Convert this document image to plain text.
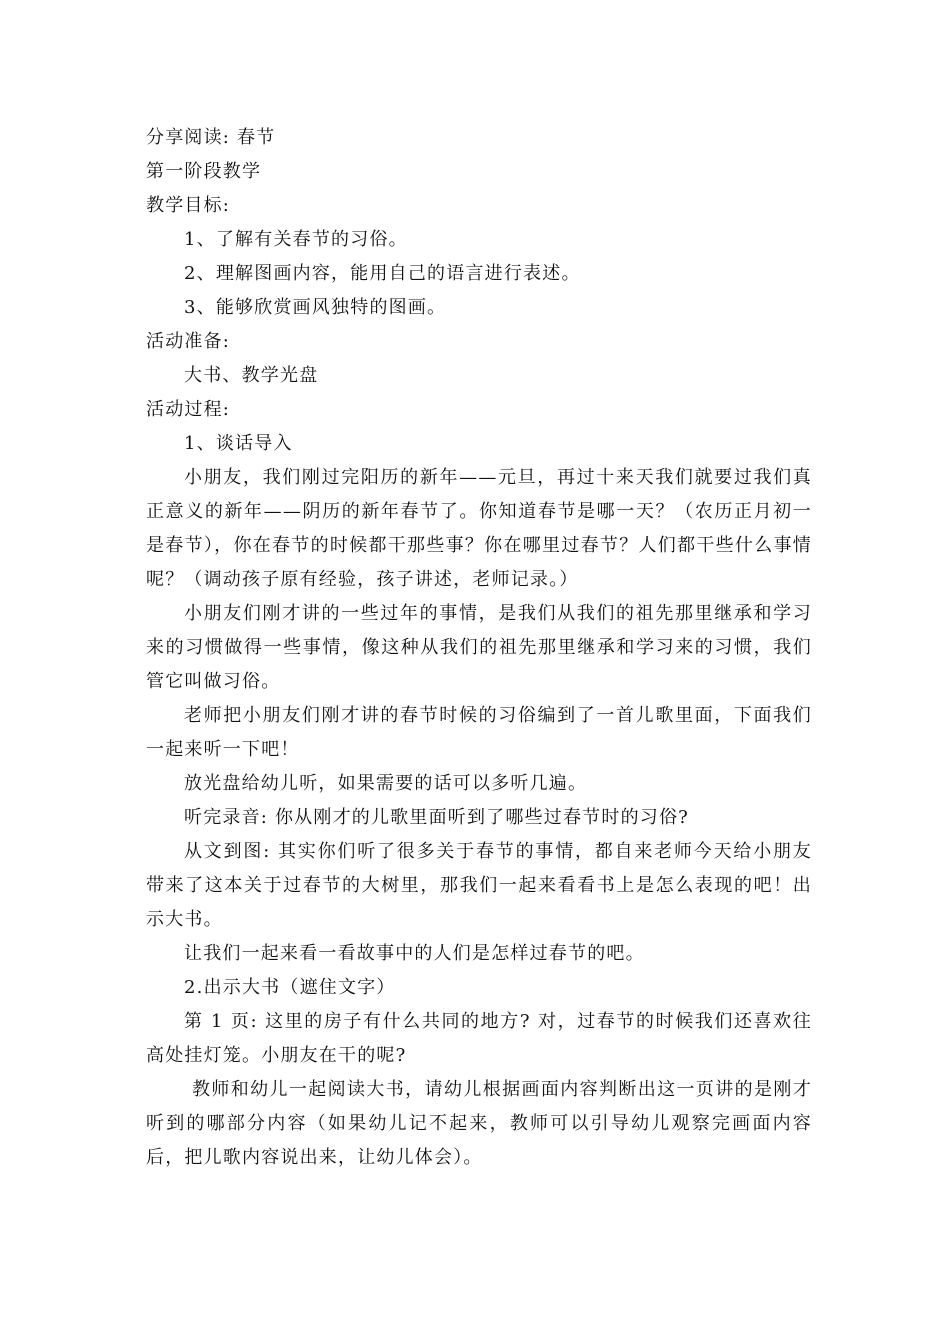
分享阅读: 春节

第一阶段教学

教学目标:

1、了解有关春节的习俗。

2、理解图画内容，能用自己的语言进行表述。

3、能够欣赏画风独特的图画。

活动准备:

大书、教学光盘

活动过程:

1、谈话导入

小朋友，我们刚过完阳历的新年——元旦，再过十来天我们就要过我们真正意义的新年——阴历的新年春节了。你知道春节是哪一天？（农历正月初一是春节），你在春节的时候都干那些事？你在哪里过春节？人们都干些什么事情呢？（调动孩子原有经验，孩子讲述，老师记录。）

小朋友们刚才讲的一些过年的事情，是我们从我们的祖先那里继承和学习来的习惯做得一些事情，像这种从我们的祖先那里继承和学习来的习惯，我们管它叫做习俗。

老师把小朋友们刚才讲的春节时候的习俗编到了一首儿歌里面，下面我们一起来听一下吧！

放光盘给幼儿听，如果需要的话可以多听几遍。

听完录音: 你从刚才的儿歌里面听到了哪些过春节时的习俗?

从文到图: 其实你们听了很多关于春节的事情，都自来老师今天给小朋友带来了这本关于过春节的大树里，那我们一起来看看书上是怎么表现的吧！出示大书。

让我们一起来看一看故事中的人们是怎样过春节的吧。

2.出示大书（遮住文字）

第 1 页: 这里的房子有什么共同的地方? 对，过春节的时候我们还喜欢往高处挂灯笼。小朋友在干的呢?

教师和幼儿一起阅读大书，请幼儿根据画面内容判断出这一页讲的是刚才听到的哪部分内容（如果幼儿记不起来，教师可以引导幼儿观察完画面内容后，把儿歌内容说出来，让幼儿体会）。
